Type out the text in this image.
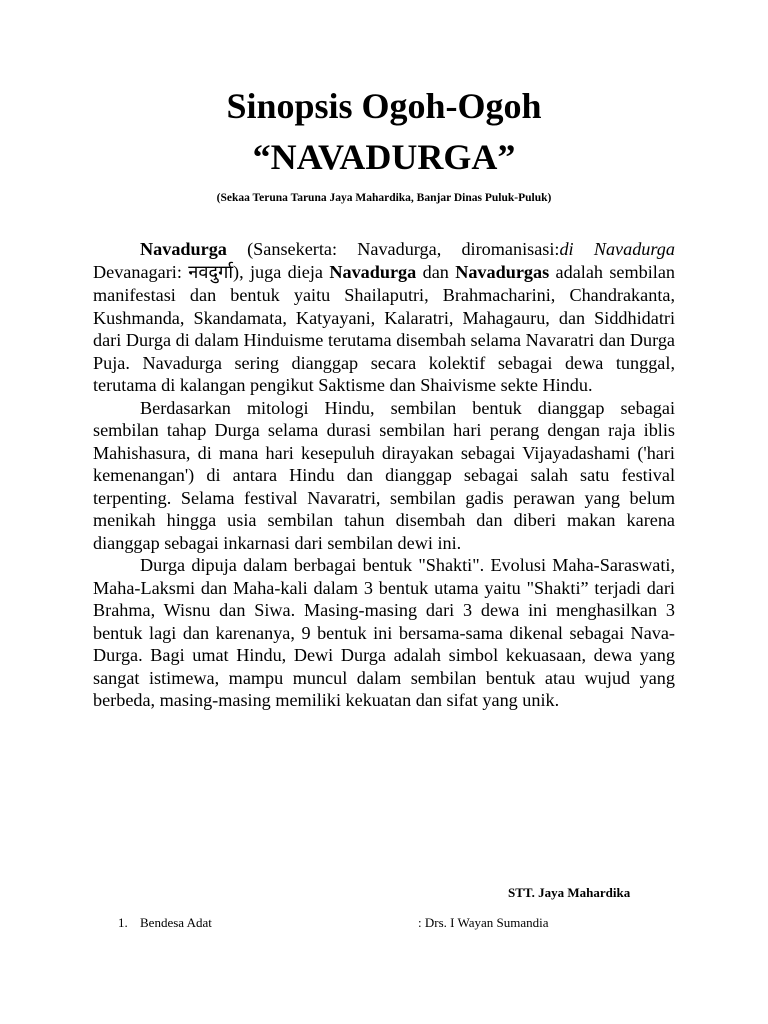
Sinopsis Ogoh-Ogoh
“NAVADURGA”

(Sekaa Teruna Taruna Jaya Mahardika, Banjar Dinas Puluk-Puluk)

Navadurga (Sansekerta: Navadurga, diromanisasi:di Navadurga Devanagari: नवदुर्गा), juga dieja Navadurga dan Navadurgas adalah sembilan manifestasi dan bentuk yaitu Shailaputri, Brahmacharini, Chandrakanta, Kushmanda, Skandamata, Katyayani, Kalaratri, Mahagauru, dan Siddhidatri dari Durga di dalam Hinduisme terutama disembah selama Navaratri dan Durga Puja. Navadurga sering dianggap secara kolektif sebagai dewa tunggal, terutama di kalangan pengikut Saktisme dan Shaivisme sekte Hindu.

Berdasarkan mitologi Hindu, sembilan bentuk dianggap sebagai sembilan tahap Durga selama durasi sembilan hari perang dengan raja iblis Mahishasura, di mana hari kesepuluh dirayakan sebagai Vijayadashami ('hari kemenangan') di antara Hindu dan dianggap sebagai salah satu festival terpenting. Selama festival Navaratri, sembilan gadis perawan yang belum menikah hingga usia sembilan tahun disembah dan diberi makan karena dianggap sebagai inkarnasi dari sembilan dewi ini.

Durga dipuja dalam berbagai bentuk "Shakti". Evolusi Maha-Saraswati, Maha-Laksmi dan Maha-kali dalam 3 bentuk utama yaitu "Shakti” terjadi dari Brahma, Wisnu dan Siwa. Masing-masing dari 3 dewa ini menghasilkan 3 bentuk lagi dan karenanya, 9 bentuk ini bersama-sama dikenal sebagai Nava-Durga. Bagi umat Hindu, Dewi Durga adalah simbol kekuasaan, dewa yang sangat istimewa, mampu muncul dalam sembilan bentuk atau wujud yang berbeda, masing-masing memiliki kekuatan dan sifat yang unik.

STT. Jaya Mahardika
1. Bendesa Adat	: Drs. I Wayan Sumandia
